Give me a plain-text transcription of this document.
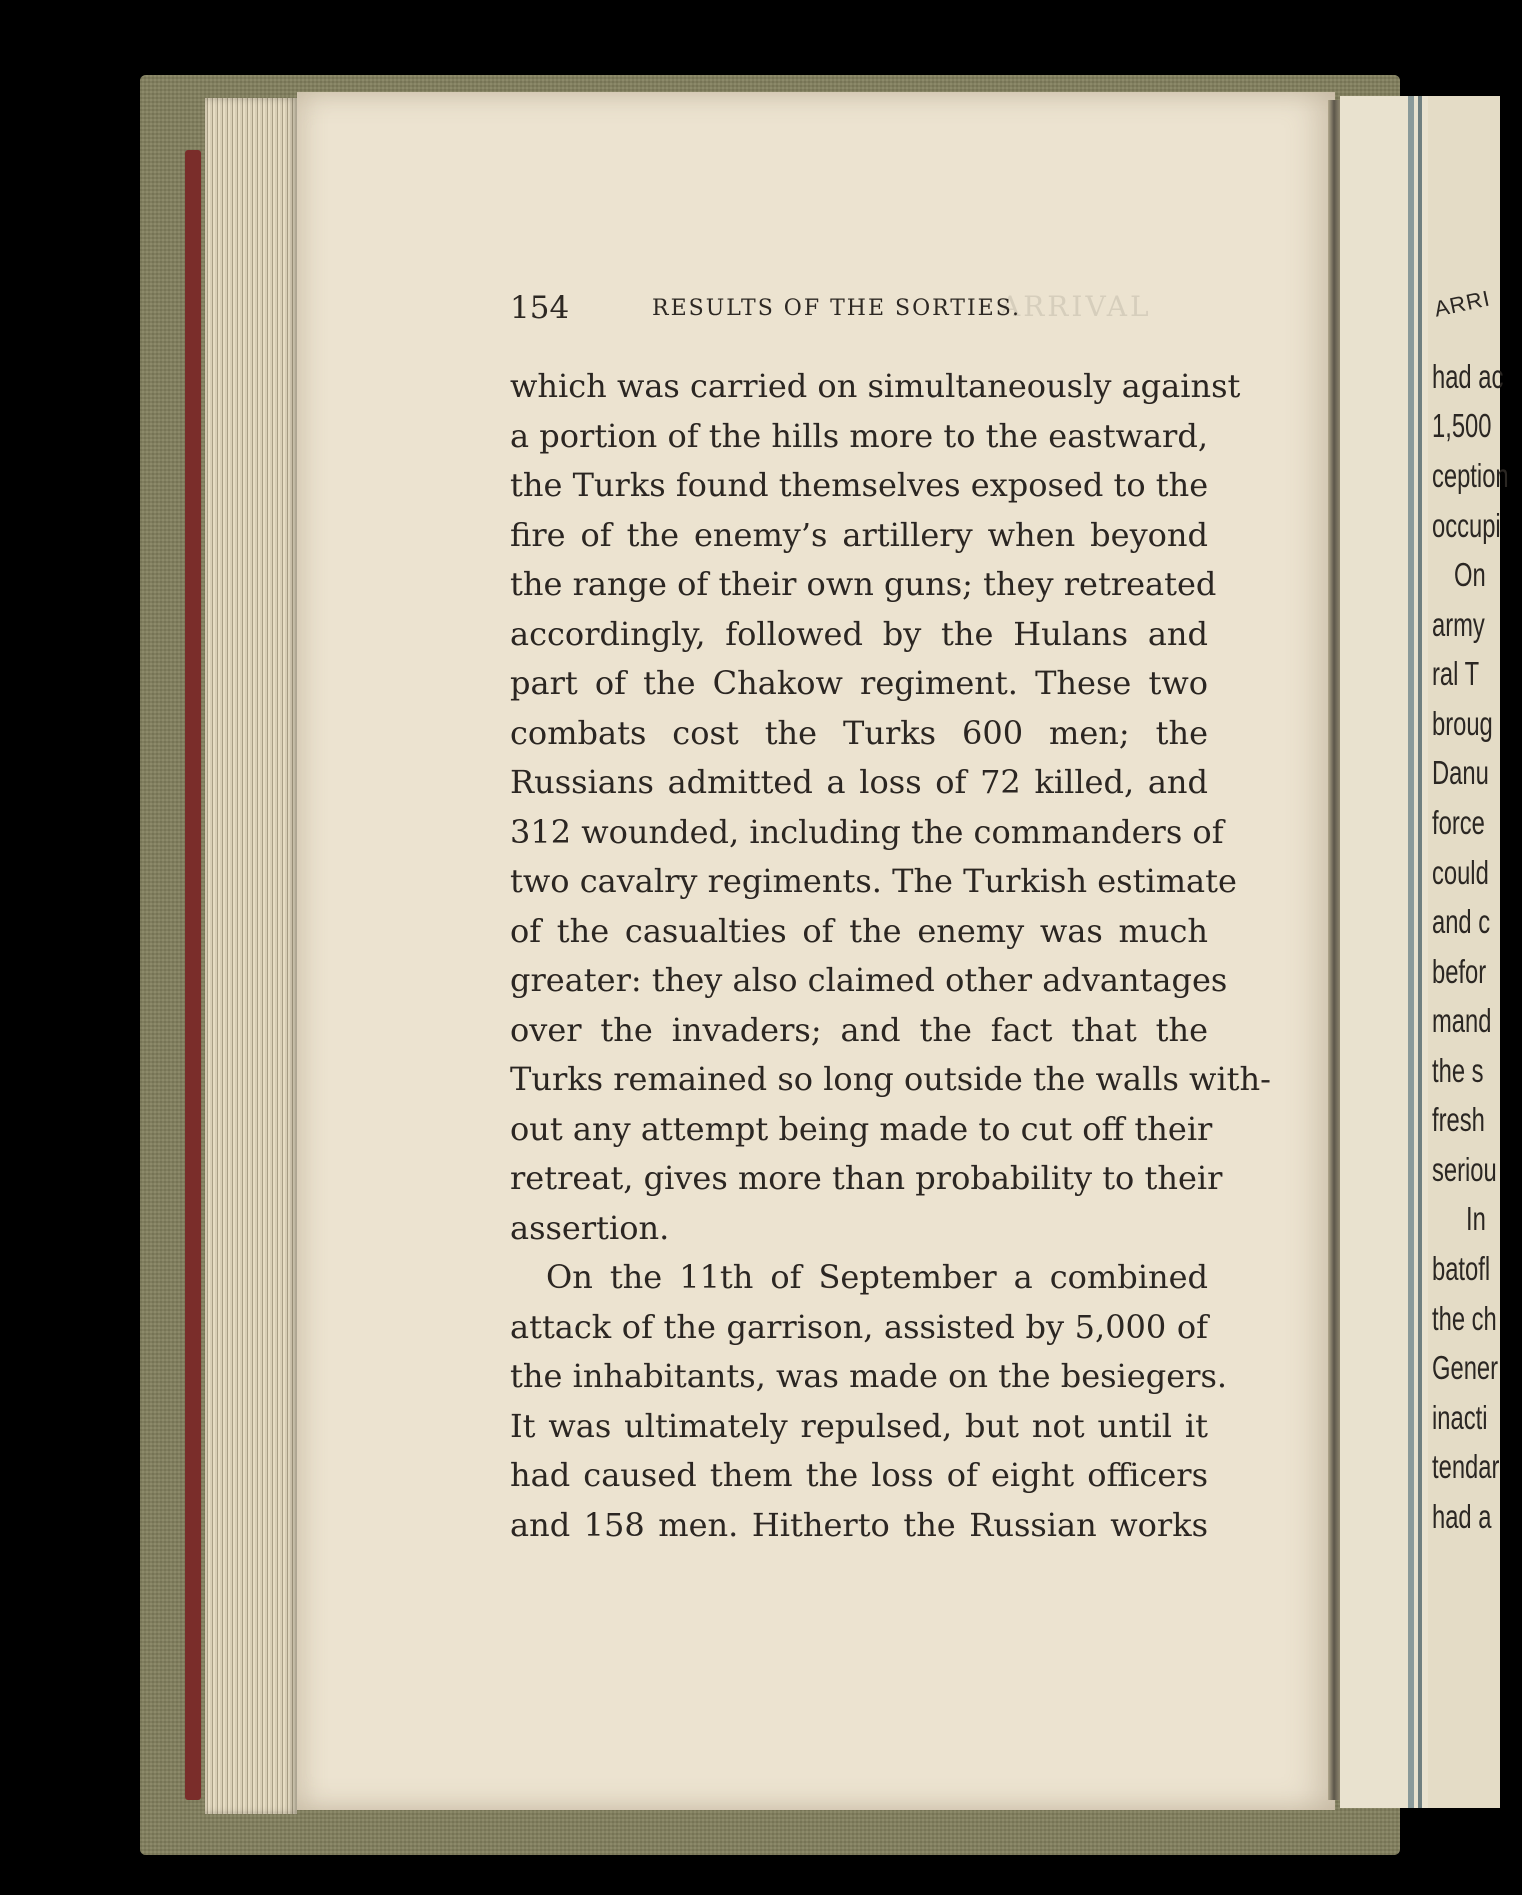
ARRIVAL
154	RESULTS OF THE SORTIES.
which was carried on simultaneously against
a portion of the hills more to the eastward,
the Turks found themselves exposed to the
fire of the enemy’s artillery when beyond
the range of their own guns; they retreated
accordingly, followed by the Hulans and
part of the Chakow regiment. These two
combats cost the Turks 600 men; the
Russians admitted a loss of 72 killed, and
312 wounded, including the commanders of
two cavalry regiments. The Turkish estimate
of the casualties of the enemy was much
greater: they also claimed other advantages
over the invaders; and the fact that the
Turks remained so long outside the walls with-
out any attempt being made to cut off their
retreat, gives more than probability to their
assertion.
On the 11th of September a combined
attack of the garrison, assisted by 5,000 of
the inhabitants, was made on the besiegers.
It was ultimately repulsed, but not until it
had caused them the loss of eight officers
and 158 men. Hitherto the Russian works
ARRI
had ac
1,500
ception
occupi
On
army
ral T
broug
Danu
force
could
and c
befor
mand
the s
fresh
seriou
In
batofl
the ch
Gener
inacti
tendar
had a
